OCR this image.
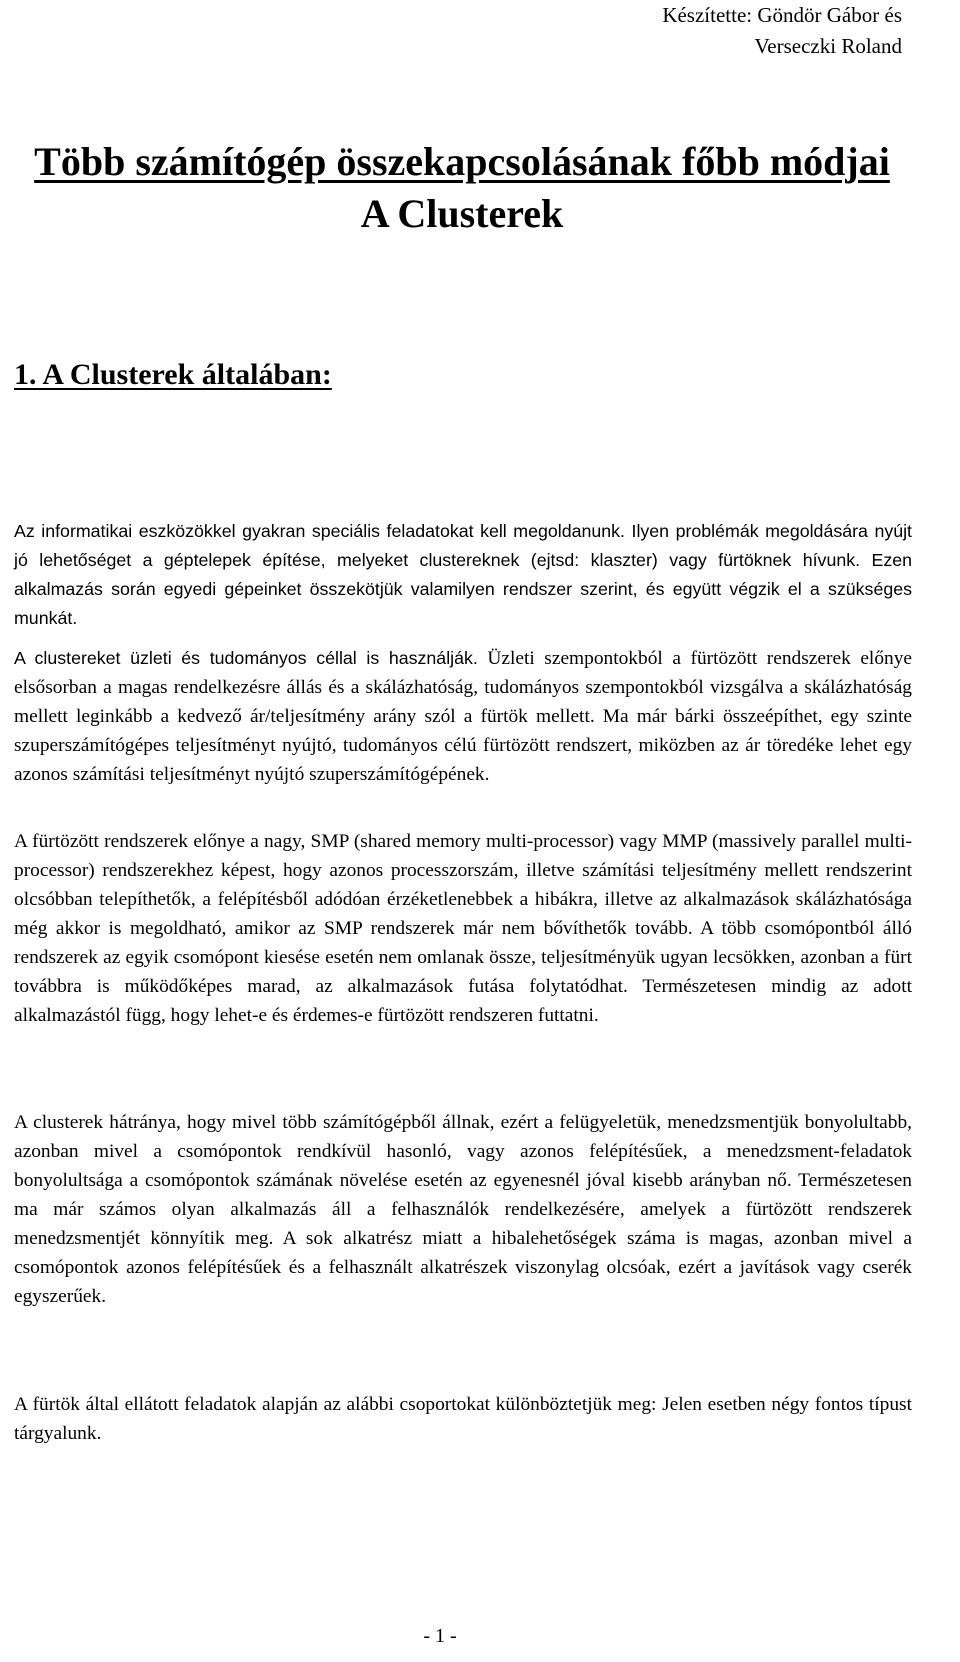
Készítette: Göndör Gábor és
Verseczki Roland
Több számítógép összekapcsolásának főbb módjai
A Clusterek
1. A Clusterek általában:

Az informatikai eszközökkel gyakran speciális feladatokat kell megoldanunk. Ilyen problémák megoldására nyújt jó lehetőséget a géptelepek építése, melyeket clustereknek (ejtsd: klaszter) vagy fürtöknek hívunk. Ezen alkalmazás során egyedi gépeinket összekötjük valamilyen rendszer szerint, és együtt végzik el a szükséges munkát.

A clustereket üzleti és tudományos céllal is használják. Üzleti szempontokból a fürtözött rendszerek előnye elsősorban a magas rendelkezésre állás és a skálázhatóság, tudományos szempontokból vizsgálva a skálázhatóság mellett leginkább a kedvező ár/teljesítmény arány szól a fürtök mellett. Ma már bárki összeépíthet, egy szinte szuperszámítógépes teljesítményt nyújtó, tudományos célú fürtözött rendszert, miközben az ár töredéke lehet egy azonos számítási teljesítményt nyújtó szuperszámítógépének.

A fürtözött rendszerek előnye a nagy, SMP (shared memory multi-processor) vagy MMP (massively parallel multi-processor) rendszerekhez képest, hogy azonos processzorszám, illetve számítási teljesítmény mellett rendszerint olcsóbban telepíthetők, a felépítésből adódóan érzéketlenebbek a hibákra, illetve az alkalmazások skálázhatósága még akkor is megoldható, amikor az SMP rendszerek már nem bővíthetők tovább. A több csomópontból álló rendszerek az egyik csomópont kiesése esetén nem omlanak össze, teljesítményük ugyan lecsökken, azonban a fürt továbbra is működőképes marad, az alkalmazások futása folytatódhat. Természetesen mindig az adott alkalmazástól függ, hogy lehet-e és érdemes-e fürtözött rendszeren futtatni.

A clusterek hátránya, hogy mivel több számítógépből állnak, ezért a felügyeletük, menedzsmentjük bonyolultabb, azonban mivel a csomópontok rendkívül hasonló, vagy azonos felépítésűek, a menedzsment-feladatok bonyolultsága a csomópontok számának növelése esetén az egyenesnél jóval kisebb arányban nő. Természetesen ma már számos olyan alkalmazás áll a felhasználók rendelkezésére, amelyek a fürtözött rendszerek menedzsmentjét könnyítik meg. A sok alkatrész miatt a hibalehetőségek száma is magas, azonban mivel a csomópontok azonos felépítésűek és a felhasznált alkatrészek viszonylag olcsóak, ezért a javítások vagy cserék egyszerűek.

A fürtök által ellátott feladatok alapján az alábbi csoportokat különböztetjük meg: Jelen esetben négy fontos típust tárgyalunk.

- 1 -
